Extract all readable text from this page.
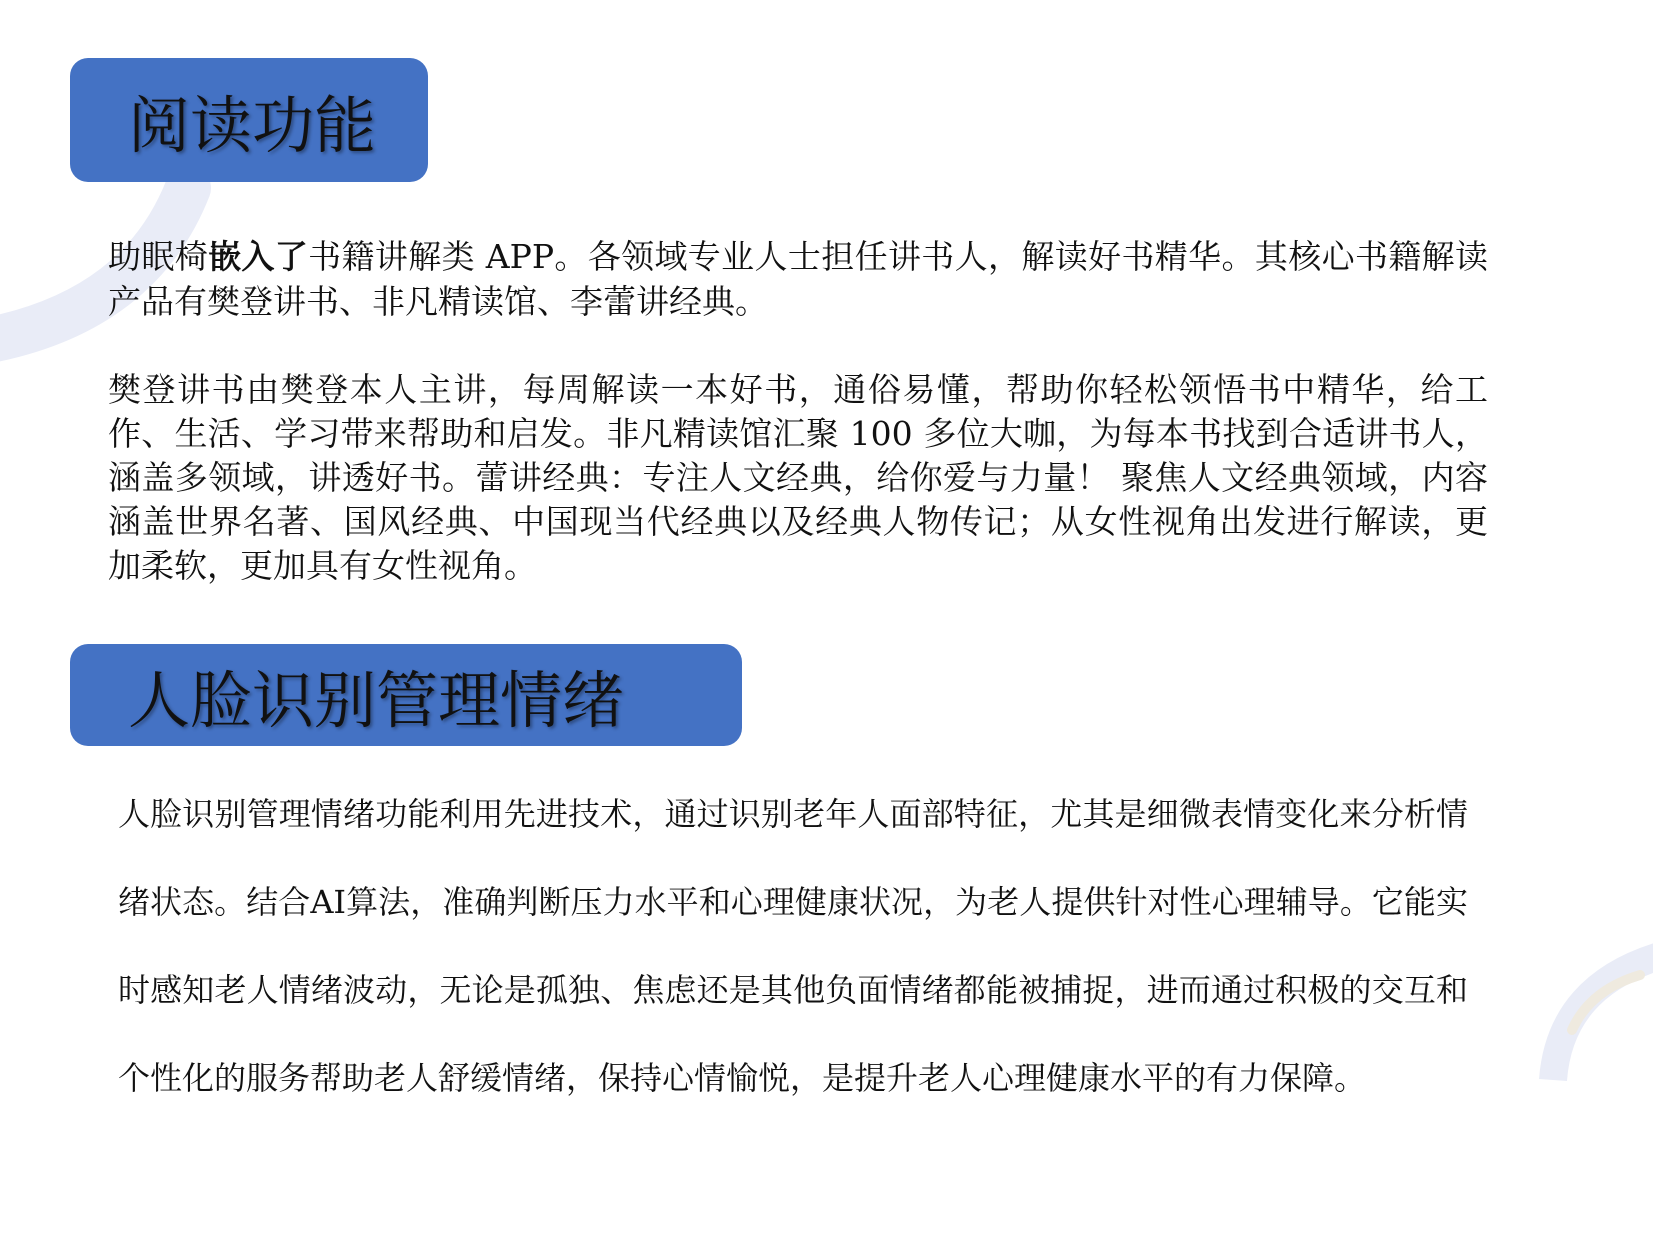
阅读功能

助眠椅嵌入了书籍讲解类 APP。各领域专业人士担任讲书人，解读好书精华。其核心书籍解读产品有樊登讲书、非凡精读馆、李蕾讲经典。

樊登讲书由樊登本人主讲，每周解读一本好书，通俗易懂，帮助你轻松领悟书中精华，给工作、生活、学习带来帮助和启发。非凡精读馆汇聚 100 多位大咖，为每本书找到合适讲书人，涵盖多领域，讲透好书。蕾讲经典：专注人文经典，给你爱与力量！ 聚焦人文经典领域，内容涵盖世界名著、国风经典、中国现当代经典以及经典人物传记；从女性视角出发进行解读，更加柔软，更加具有女性视角。

人脸识别管理情绪

人脸识别管理情绪功能利用先进技术，通过识别老年人面部特征，尤其是细微表情变化来分析情绪状态。结合AI算法，准确判断压力水平和心理健康状况，为老人提供针对性心理辅导。它能实时感知老人情绪波动，无论是孤独、焦虑还是其他负面情绪都能被捕捉，进而通过积极的交互和个性化的服务帮助老人舒缓情绪，保持心情愉悦，是提升老人心理健康水平的有力保障。
